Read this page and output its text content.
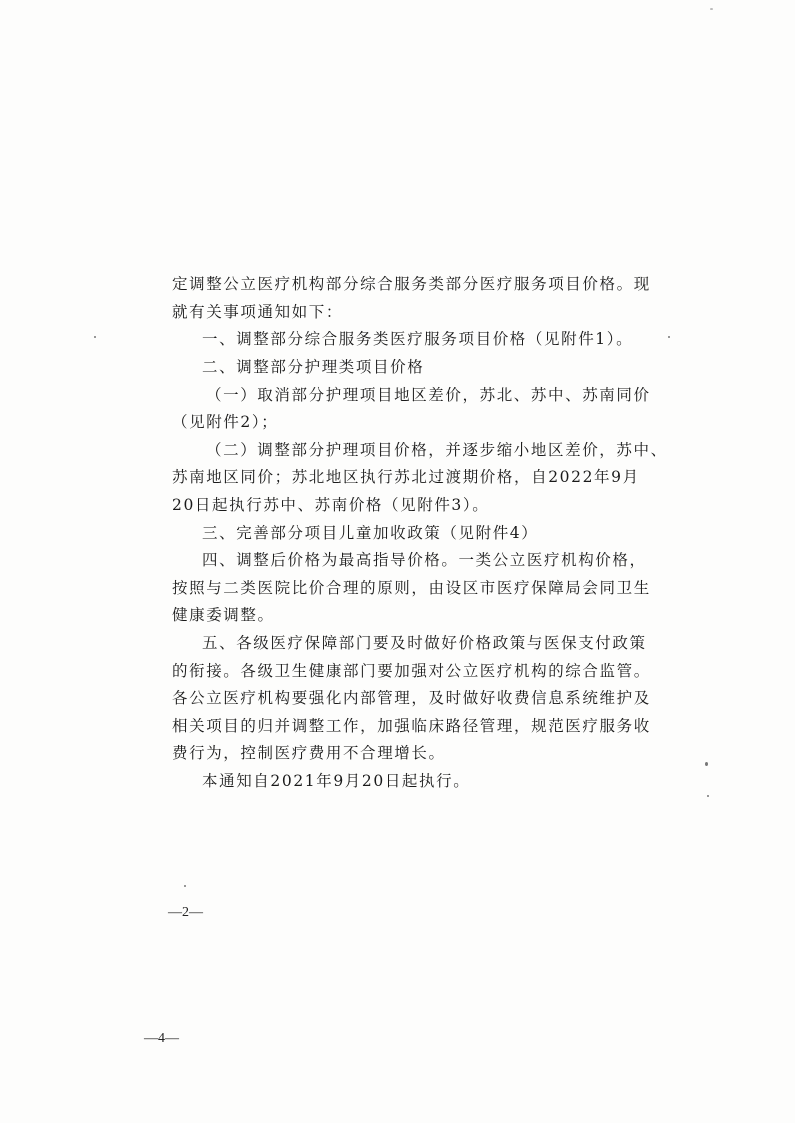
定调整公立医疗机构部分综合服务类部分医疗服务项目价格。现
就有关事项通知如下：
一、调整部分综合服务类医疗服务项目价格（见附件1）。
二、调整部分护理类项目价格
（一）取消部分护理项目地区差价，苏北、苏中、苏南同价
（见附件2）；
（二）调整部分护理项目价格，并逐步缩小地区差价，苏中、
苏南地区同价；苏北地区执行苏北过渡期价格，自2022年9月
20日起执行苏中、苏南价格（见附件3）。
三、完善部分项目儿童加收政策（见附件4）
四、调整后价格为最高指导价格。一类公立医疗机构价格，
按照与二类医院比价合理的原则，由设区市医疗保障局会同卫生
健康委调整。
五、各级医疗保障部门要及时做好价格政策与医保支付政策
的衔接。各级卫生健康部门要加强对公立医疗机构的综合监管。
各公立医疗机构要强化内部管理，及时做好收费信息系统维护及
相关项目的归并调整工作，加强临床路径管理，规范医疗服务收
费行为，控制医疗费用不合理增长。
本通知自2021年9月20日起执行。
—2—
—4—
